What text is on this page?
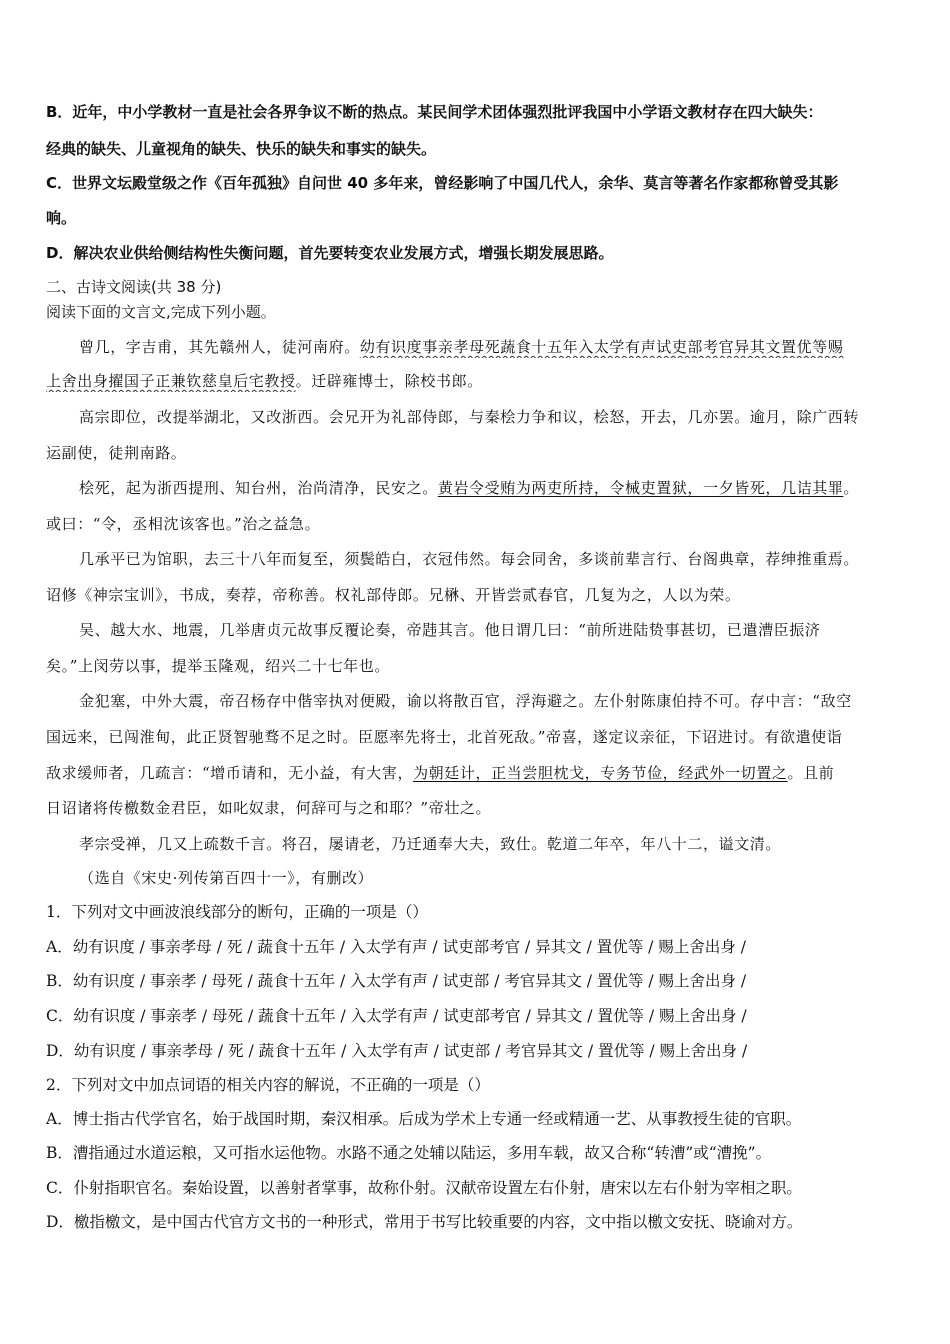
B．近年，中小学教材一直是社会各界争议不断的热点。某民间学术团体强烈批评我国中小学语文教材存在四大缺失：
经典的缺失、儿童视角的缺失、快乐的缺失和事实的缺失。
C．世界文坛殿堂级之作《百年孤独》自问世 40 多年来，曾经影响了中国几代人，余华、莫言等著名作家都称曾受其影
响。
D．解决农业供给侧结构性失衡问题，首先要转变农业发展方式，增强长期发展思路。
二、古诗文阅读(共 38 分)
阅读下面的文言文,完成下列小题。
曾几，字吉甫，其先赣州人，徒河南府。幼有识度事亲孝母死蔬食十五年入太学有声试吏部考官异其文置优等赐
上舍出身擢国子正兼钦慈皇后宅教授。迁辟雍博士，除校书郎。
高宗即位，改提举湖北，又改浙西。会兄开为礼部侍郎，与秦桧力争和议，桧怒，开去，几亦罢。逾月，除广西转
运副使，徒荆南路。
桧死，起为浙西提刑、知台州，治尚清净，民安之。黄岩令受贿为两吏所持，令械吏置狱，一夕皆死，几诘其罪。
或曰：“令，丞相沈该客也。”治之益急。
几承平已为馆职，去三十八年而复至，须鬓皓白，衣冠伟然。每会同舍，多谈前辈言行、台阁典章，荐绅推重焉。
诏修《神宗宝训》，书成，奏荐，帝称善。权礼部侍郎。兄楙、开皆尝贰春官，几复为之，人以为荣。
吴、越大水、地震，几举唐贞元故事反覆论奏，帝韪其言。他日谓几曰：“前所进陆贽事甚切，已遣漕臣振济
矣。”上闵劳以事，提举玉隆观，绍兴二十七年也。
金犯塞，中外大震，帝召杨存中偕宰执对便殿，谕以将散百官，浮海避之。左仆射陈康伯持不可。存中言：“敌空
国远来，已闯淮甸，此正贤智驰骛不足之时。臣愿率先将士，北首死敌。”帝喜，遂定议亲征，下诏进讨。有欲遣使诣
敌求缓师者，几疏言：“增币请和，无小益，有大害，为朝廷计，正当尝胆枕戈，专务节俭，经武外一切置之。且前
日诏诸将传檄数金君臣，如叱奴隶，何辞可与之和耶？”帝壮之。
孝宗受禅，几又上疏数千言。将召，屡请老，乃迁通奉大夫，致仕。乾道二年卒，年八十二，谥文清。
（选自《宋史·列传第百四十一》，有删改）
1．下列对文中画波浪线部分的断句，正确的一项是（）
A．幼有识度 / 事亲孝母 / 死 / 蔬食十五年 / 入太学有声 / 试吏部考官 / 异其文 / 置优等 / 赐上舍出身 /
B．幼有识度 / 事亲孝 / 母死 / 蔬食十五年 / 入太学有声 / 试吏部 / 考官异其文 / 置优等 / 赐上舍出身 /
C．幼有识度 / 事亲孝 / 母死 / 蔬食十五年 / 入太学有声 / 试吏部考官 / 异其文 / 置优等 / 赐上舍出身 /
D．幼有识度 / 事亲孝母 / 死 / 蔬食十五年 / 入太学有声 / 试吏部 / 考官异其文 / 置优等 / 赐上舍出身 /
2．下列对文中加点词语的相关内容的解说，不正确的一项是（）
A．博士指古代学官名，始于战国时期，秦汉相承。后成为学术上专通一经或精通一艺、从事教授生徒的官职。
B．漕指通过水道运粮，又可指水运他物。水路不通之处辅以陆运，多用车载，故又合称“转漕”或“漕挽”。
C．仆射指职官名。秦始设置，以善射者掌事，故称仆射。汉献帝设置左右仆射，唐宋以左右仆射为宰相之职。
D．檄指檄文，是中国古代官方文书的一种形式，常用于书写比较重要的内容，文中指以檄文安抚、晓谕对方。
